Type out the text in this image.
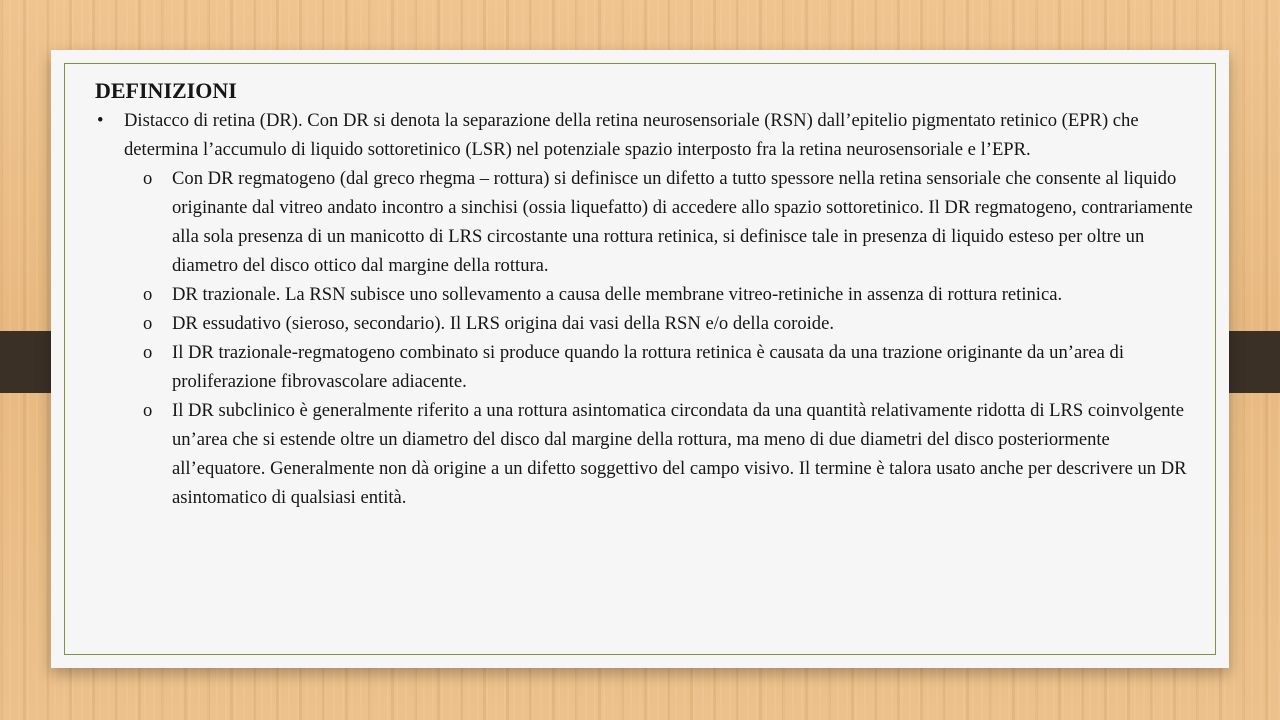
DEFINIZIONI
• Distacco di retina (DR). Con DR si denota la separazione della retina neurosensoriale (RSN) dall’epitelio pigmentato retinico (EPR) che determina l’accumulo di liquido sottoretinico (LSR) nel potenziale spazio interposto fra la retina neurosensoriale e l’EPR.
o Con DR regmatogeno (dal greco rhegma – rottura) si definisce un difetto a tutto spessore nella retina sensoriale che consente al liquido originante dal vitreo andato incontro a sinchisi (ossia liquefatto) di accedere allo spazio sottoretinico. Il DR regmatogeno, contrariamente alla sola presenza di un manicotto di LRS circostante una rottura retinica, si definisce tale in presenza di liquido esteso per oltre un diametro del disco ottico dal margine della rottura.
o DR trazionale. La RSN subisce uno sollevamento a causa delle membrane vitreo-retiniche in assenza di rottura retinica.
o DR essudativo (sieroso, secondario). Il LRS origina dai vasi della RSN e/o della coroide.
o Il DR trazionale-regmatogeno combinato si produce quando la rottura retinica è causata da una trazione originante da un’area di proliferazione fibrovascolare adiacente.
o Il DR subclinico è generalmente riferito a una rottura asintomatica circondata da una quantità relativamente ridotta di LRS coinvolgente un’area che si estende oltre un diametro del disco dal margine della rottura, ma meno di due diametri del disco posteriormente all’equatore. Generalmente non dà origine a un difetto soggettivo del campo visivo. Il termine è talora usato anche per descrivere un DR asintomatico di qualsiasi entità.
